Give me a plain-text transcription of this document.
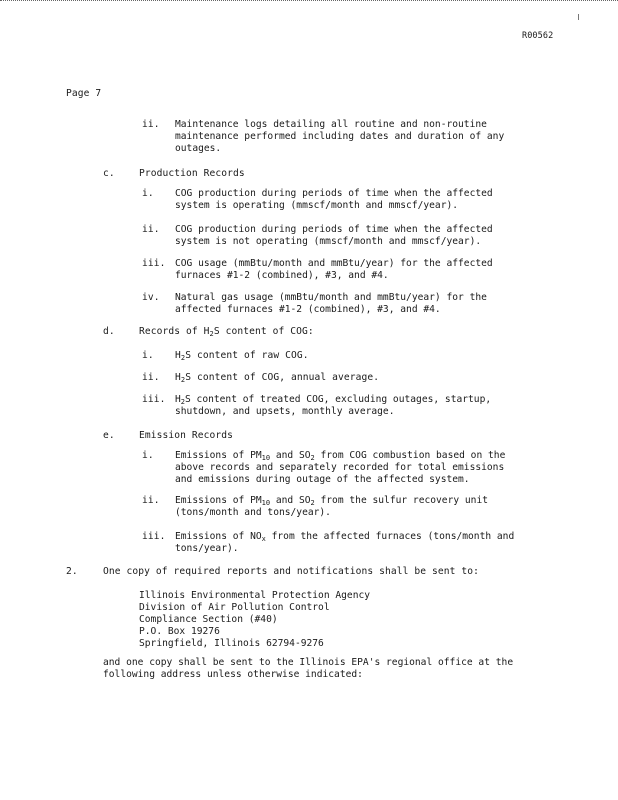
R00562
Page 7
ii. Maintenance logs detailing all routine and non-routine
maintenance performed including dates and duration of any
outages.
c.	Production Records
i. COG production during periods of time when the affected
system is operating (mmscf/month and mmscf/year).
ii. COG production during periods of time when the affected
system is not operating (mmscf/month and mmscf/year).
iii. COG usage (mmBtu/month and mmBtu/year) for the affected
furnaces #1-2 (combined), #3, and #4.
iv. Natural gas usage (mmBtu/month and mmBtu/year) for the
affected furnaces #1-2 (combined), #3, and #4.
d.	Records of $H_2S$ content of COG:
i. $H_2S$ content of raw COG.
ii. $H_2S$ content of COG, annual average.
iii. $H_2S$ content of treated COG, excluding outages, startup,
shutdown, and upsets, monthly average.
e.	Emission Records
i. Emissions of $PM_{10}$ and $SO_2$ from COG combustion based on the
above records and separately recorded for total emissions
and emissions during outage of the affected system.
ii. Emissions of $PM_{10}$ and $SO_2$ from the sulfur recovery unit
(tons/month and tons/year).
iii. Emissions of $NO_x$ from the affected furnaces (tons/month and
tons/year).
2.	One copy of required reports and notifications shall be sent to:
Illinois Environmental Protection Agency
Division of Air Pollution Control
Compliance Section (#40)
P.O. Box 19276
Springfield, Illinois 62794-9276
and one copy shall be sent to the Illinois EPA's regional office at the
following address unless otherwise indicated:
